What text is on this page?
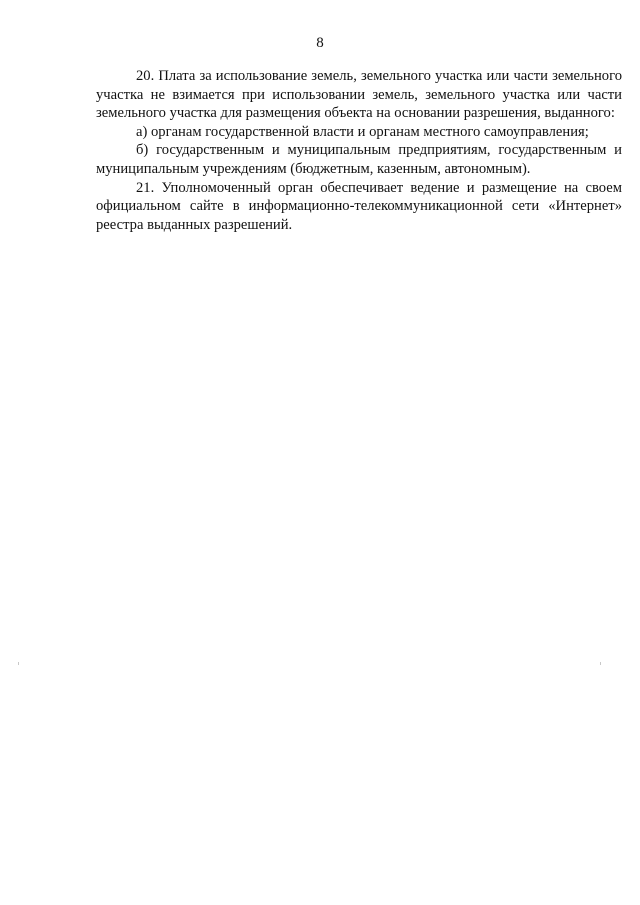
8

20. Плата за использование земель, земельного участка или части земельного участка не взимается при использовании земель, земельного участка или части земельного участка для размещения объекта на основании разрешения, выданного:

а) органам государственной власти и органам местного самоуправления;

б) государственным и муниципальным предприятиям, государственным и муниципальным учреждениям (бюджетным, казенным, автономным).

21. Уполномоченный орган обеспечивает ведение и размещение на своем официальном сайте в информационно-телекоммуникационной сети «Интернет» реестра выданных разрешений.
